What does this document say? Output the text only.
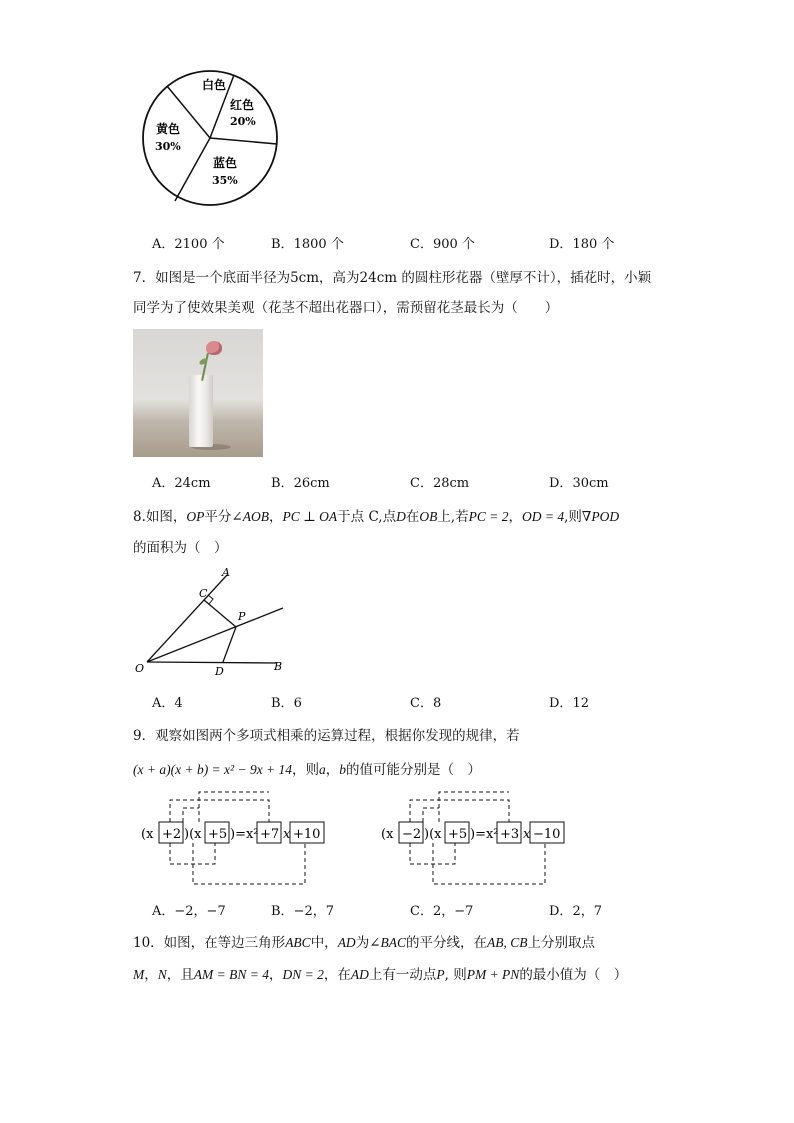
白色
红色
20%
黄色
30%
蓝色
35%
A．2100 个	B．1800 个	C．900 个	D．180 个
7．如图是一个底面半径为5cm，高为24cm 的圆柱形花器（壁厚不计），插花时，小颖
同学为了使效果美观（花茎不超出花器口），需预留花茎最长为（　　）
A．24cm	B．26cm	C．28cm	D．30cm
8.如图，OP平分∠AOB，PC ⊥ OA于点 C,点D在OB上,若PC = 2，OD = 4,则∇POD
的面积为（　）
A
C
P
O	D	B
A．4	B．6	C．8	D．12
9．观察如图两个多项式相乘的运算过程，根据你发现的规律，若
(x + a)(x + b) = x² − 9x + 14，则a，b的值可能分别是（　）
(x +2 )(x +5 )=x² +7 x +10	(x −2 )(x +5 )=x² +3 x −10
A．−2，−7	B．−2，7	C．2，−7	D．2，7
10．如图，在等边三角形ABC中，AD为∠BAC的平分线，在AB, CB上分别取点
M，N，且AM = BN = 4，DN = 2，在AD上有一动点P, 则PM + PN的最小值为（　）
